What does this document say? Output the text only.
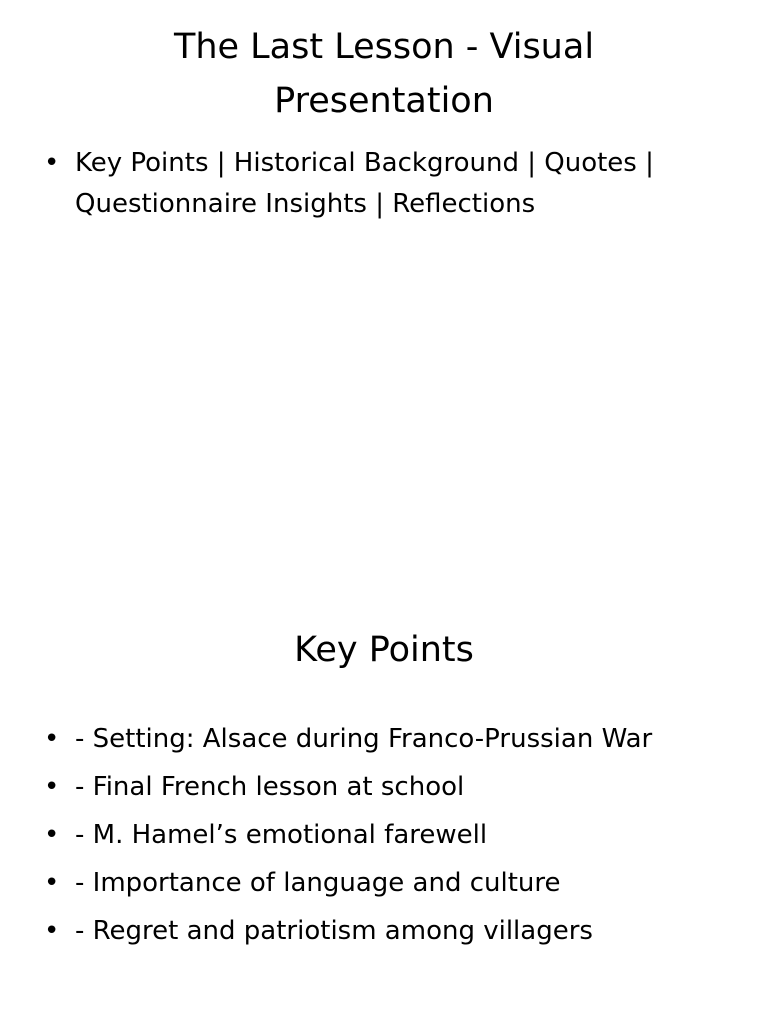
The Last Lesson - Visual Presentation
• Key Points | Historical Background | Quotes | Questionnaire Insights | Reflections
Key Points
• - Setting: Alsace during Franco-Prussian War
• - Final French lesson at school
• - M. Hamel’s emotional farewell
• - Importance of language and culture
• - Regret and patriotism among villagers
